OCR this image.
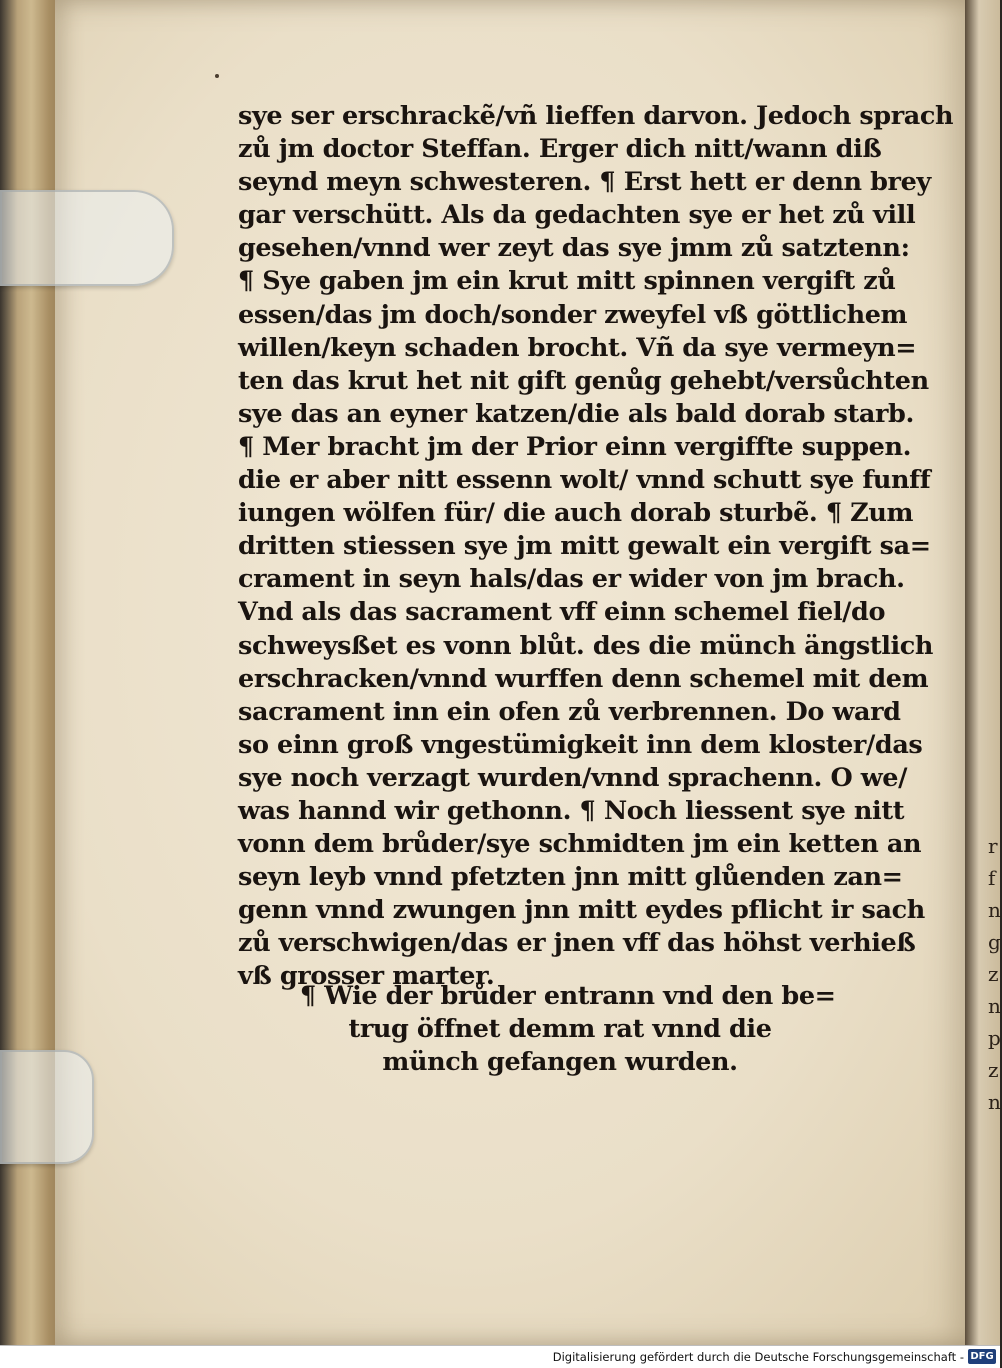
r
f
n
g
z
n
p
z
n
sye ser erschrackẽ/vñ lieffen darvon. Jedoch sprach
zů jm doctor Steffan. Erger dich nitt/wann diß
seynd meyn schwesteren. ¶ Erst hett er denn brey
gar verschütt. Als da gedachten sye er het zů vill
gesehen/vnnd wer zeyt das sye jmm zů satztenn:
¶ Sye gaben jm ein krut mitt spinnen vergift zů
essen/das jm doch/sonder zweyfel vß göttlichem
willen/keyn schaden brocht. Vñ da sye vermeyn=
ten das krut het nit gift genůg gehebt/versůchten
sye das an eyner katzen/die als bald dorab starb.
¶ Mer bracht jm der Prior einn vergiffte suppen.
die er aber nitt essenn wolt/ vnnd schutt sye funff
iungen wölfen für/ die auch dorab sturbẽ. ¶ Zum
dritten stiessen sye jm mitt gewalt ein vergift sa=
crament in seyn hals/das er wider von jm brach.
Vnd als das sacrament vff einn schemel fiel/do
schweysßet es vonn blůt. des die münch ängstlich
erschracken/vnnd wurffen denn schemel mit dem
sacrament inn ein ofen zů verbrennen. Do ward
so einn groß vngestümigkeit inn dem kloster/das
sye noch verzagt wurden/vnnd sprachenn. O we/
was hannd wir gethonn. ¶ Noch liessent sye nitt
vonn dem brůder/sye schmidten jm ein ketten an
seyn leyb vnnd pfetzten jnn mitt glůenden zan=
genn vnnd zwungen jnn mitt eydes pflicht ir sach
zů verschwigen/das er jnen vff das höhst verhieß
vß grosser marter.
¶ Wie der brůder entrann vnd den be=
trug öffnet demm rat vnnd die
münch gefangen wurden.
Digitalisierung gefördert durch die Deutsche Forschungsgemeinschaft - DFG
